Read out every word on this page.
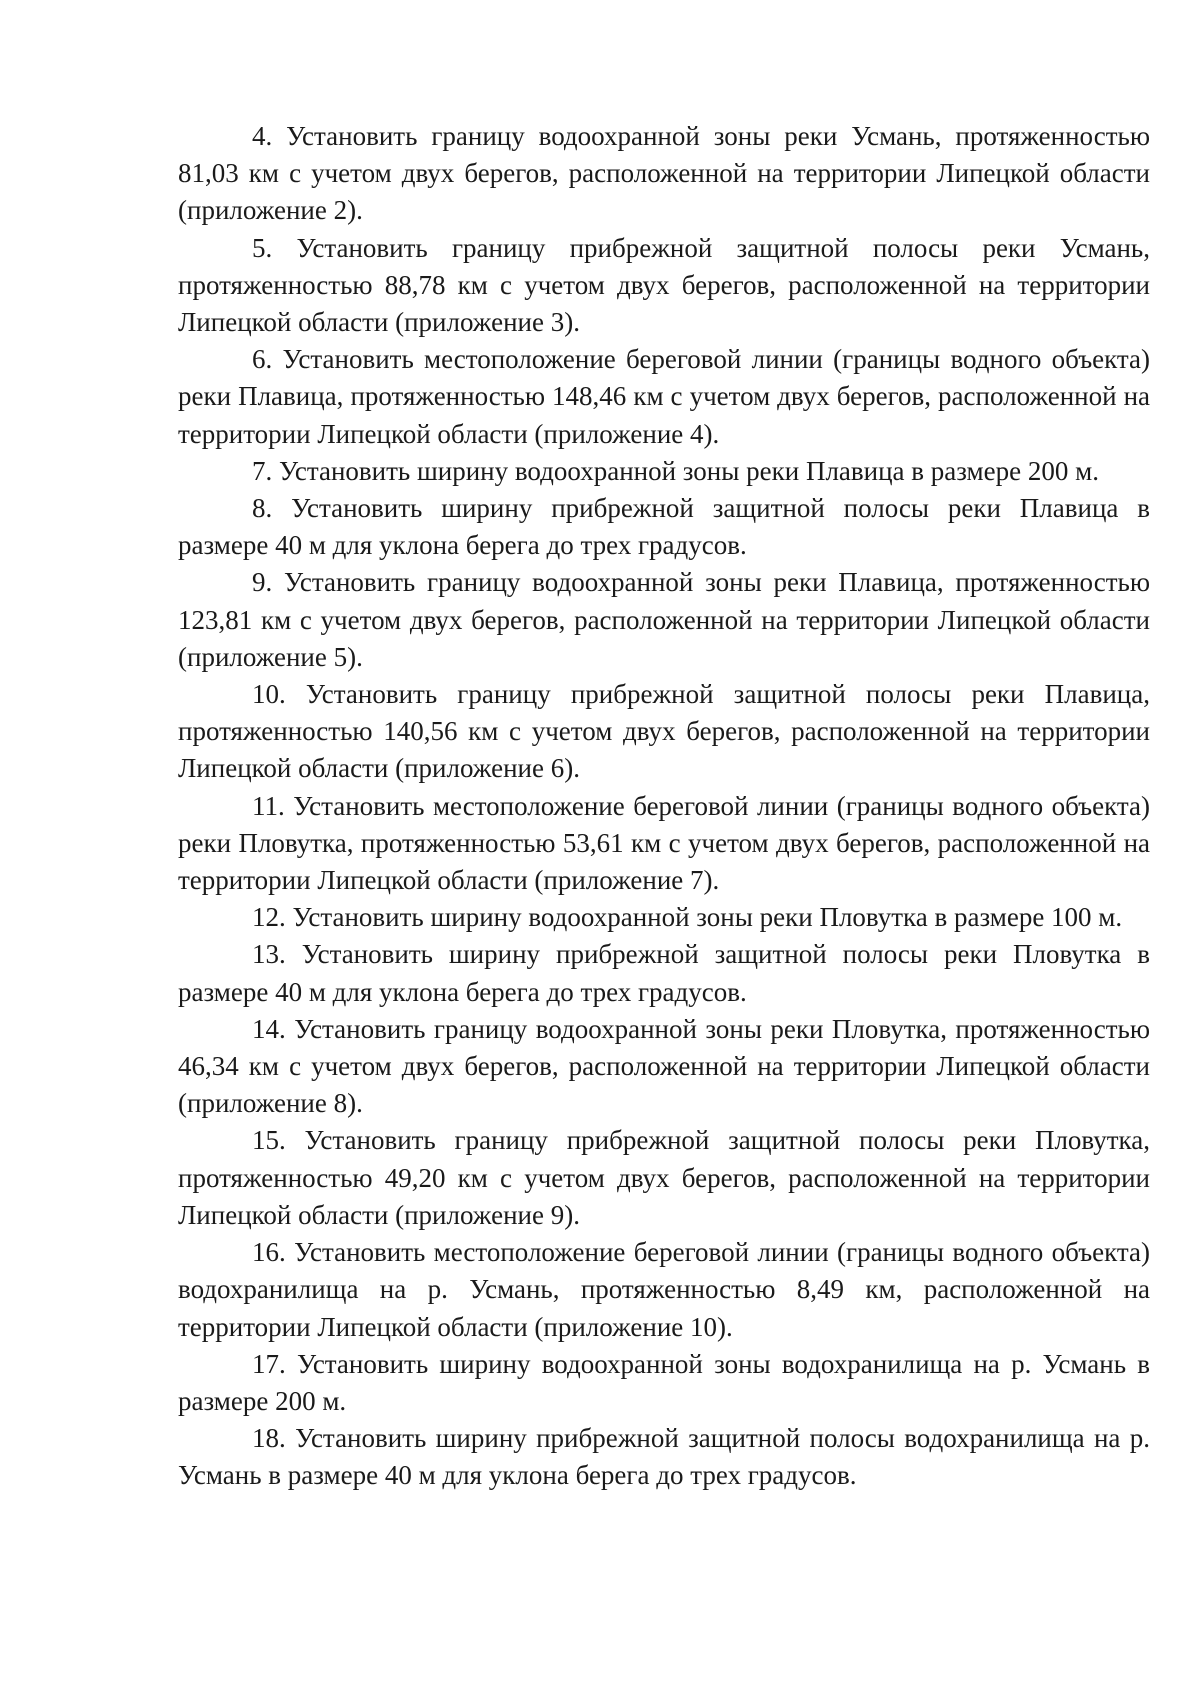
4. Установить границу водоохранной зоны реки Усмань, протяженностью 81,03 км с учетом двух берегов, расположенной на территории Липецкой области (приложение 2).

5. Установить границу прибрежной защитной полосы реки Усмань, протяженностью 88,78 км с учетом двух берегов, расположенной на территории Липецкой области (приложение 3).

6. Установить местоположение береговой линии (границы водного объекта) реки Плавица, протяженностью 148,46 км с учетом двух берегов, расположенной на территории Липецкой области (приложение 4).

7. Установить ширину водоохранной зоны реки Плавица в размере 200 м.

8. Установить ширину прибрежной защитной полосы реки Плавица в размере 40 м для уклона берега до трех градусов.

9. Установить границу водоохранной зоны реки Плавица, протяженностью 123,81 км с учетом двух берегов, расположенной на территории Липецкой области (приложение 5).

10. Установить границу прибрежной защитной полосы реки Плавица, протяженностью 140,56 км с учетом двух берегов, расположенной на территории Липецкой области (приложение 6).

11. Установить местоположение береговой линии (границы водного объекта) реки Пловутка, протяженностью 53,61 км с учетом двух берегов, расположенной на территории Липецкой области (приложение 7).

12. Установить ширину водоохранной зоны реки Пловутка в размере 100 м.

13. Установить ширину прибрежной защитной полосы реки Пловутка в размере 40 м для уклона берега до трех градусов.

14. Установить границу водоохранной зоны реки Пловутка, протяженностью 46,34 км с учетом двух берегов, расположенной на территории Липецкой области (приложение 8).

15. Установить границу прибрежной защитной полосы реки Пловутка, протяженностью 49,20 км с учетом двух берегов, расположенной на территории Липецкой области (приложение 9).

16. Установить местоположение береговой линии (границы водного объекта) водохранилища на р. Усмань, протяженностью 8,49 км, расположенной на территории Липецкой области (приложение 10).

17. Установить ширину водоохранной зоны водохранилища на р. Усмань в размере 200 м.

18. Установить ширину прибрежной защитной полосы водохранилища на р. Усмань в размере 40 м для уклона берега до трех градусов.
